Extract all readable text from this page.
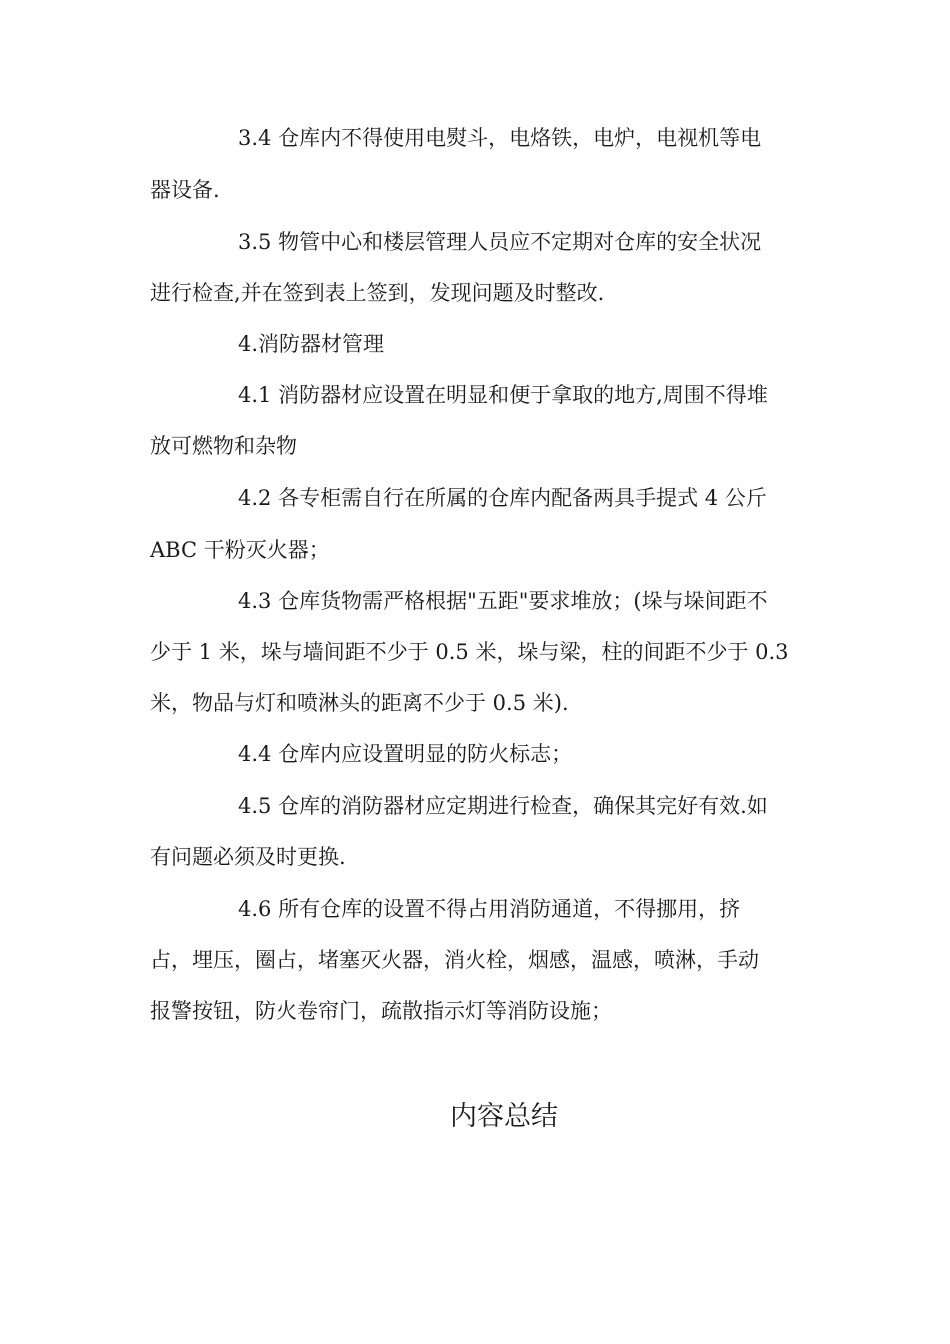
3.4 仓库内不得使用电熨斗，电烙铁，电炉，电视机等电
器设备.
3.5 物管中心和楼层管理人员应不定期对仓库的安全状况
进行检查,并在签到表上签到，发现问题及时整改.
4.消防器材管理
4.1 消防器材应设置在明显和便于拿取的地方,周围不得堆
放可燃物和杂物
4.2 各专柜需自行在所属的仓库内配备两具手提式 4 公斤
ABC 干粉灭火器；
4.3 仓库货物需严格根据"五距"要求堆放；(垛与垛间距不
少于 1 米，垛与墙间距不少于 0.5 米，垛与梁，柱的间距不少于 0.3
米，物品与灯和喷淋头的距离不少于 0.5 米).
4.4 仓库内应设置明显的防火标志；
4.5 仓库的消防器材应定期进行检查，确保其完好有效.如
有问题必须及时更换.
4.6 所有仓库的设置不得占用消防通道，不得挪用，挤
占，埋压，圈占，堵塞灭火器，消火栓，烟感，温感，喷淋，手动
报警按钮，防火卷帘门，疏散指示灯等消防设施；
内容总结
